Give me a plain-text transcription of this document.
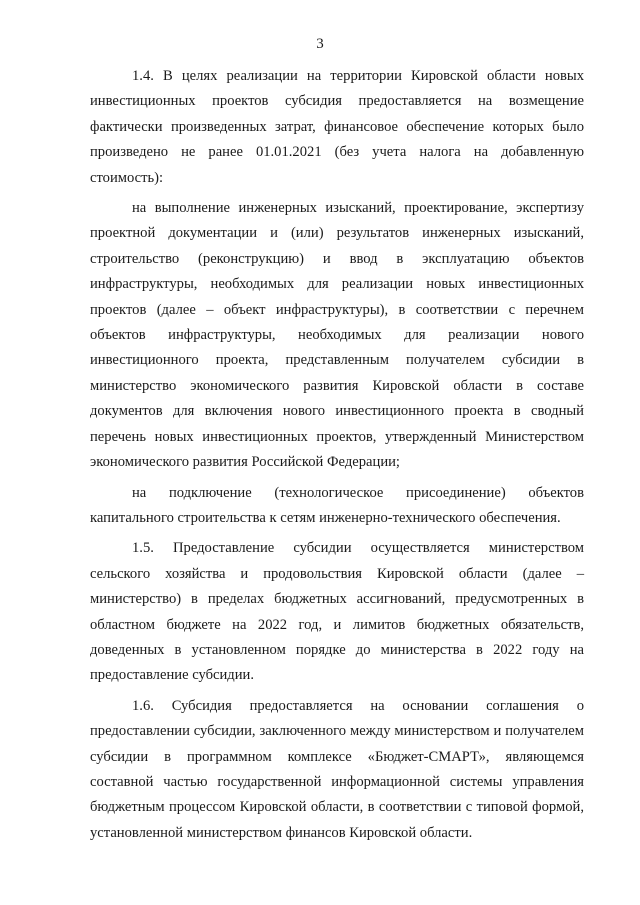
3

1.4. В целях реализации на территории Кировской области новых инвестиционных проектов субсидия предоставляется на возмещение фактически произведенных затрат, финансовое обеспечение которых было произведено не ранее 01.01.2021 (без учета налога на добавленную стоимость):

на выполнение инженерных изысканий, проектирование, экспертизу проектной документации и (или) результатов инженерных изысканий, строительство (реконструкцию) и ввод в эксплуатацию объектов инфраструктуры, необходимых для реализации новых инвестиционных проектов (далее – объект инфраструктуры), в соответствии с перечнем объектов инфраструктуры, необходимых для реализации нового инвестиционного проекта, представленным получателем субсидии в министерство экономического развития Кировской области в составе документов для включения нового инвестиционного проекта в сводный перечень новых инвестиционных проектов, утвержденный Министерством экономического развития Российской Федерации;

на подключение (технологическое присоединение) объектов капитального строительства к сетям инженерно-технического обеспечения.

1.5. Предоставление субсидии осуществляется министерством сельского хозяйства и продовольствия Кировской области (далее – министерство) в пределах бюджетных ассигнований, предусмотренных в областном бюджете на 2022 год, и лимитов бюджетных обязательств, доведенных в установленном порядке до министерства в 2022 году на предоставление субсидии.

1.6. Субсидия предоставляется на основании соглашения о предоставлении субсидии, заключенного между министерством и получателем субсидии в программном комплексе «Бюджет-СМАРТ», являющемся составной частью государственной информационной системы управления бюджетным процессом Кировской области, в соответствии с типовой формой, установленной министерством финансов Кировской области.
